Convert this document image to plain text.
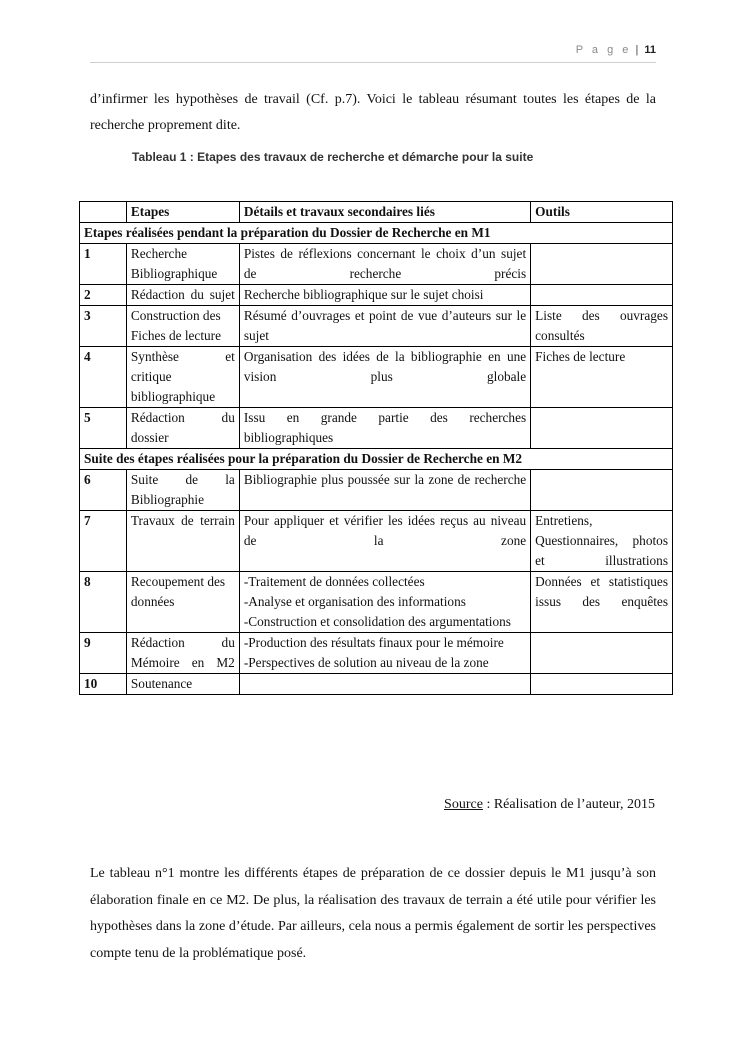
P a g e | 11

d’infirmer les hypothèses de travail (Cf. p.7). Voici le tableau résumant toutes les étapes de la recherche proprement dite.

Tableau 1 : Etapes des travaux de recherche et démarche pour la suite
	Etapes	Détails et travaux secondaires liés	Outils
Etapes réalisées pendant la préparation du Dossier de Recherche en M1			
1	Recherche Bibliographique	Pistes de réflexions concernant le choix d’un sujet de recherche précis	
2	Rédaction du sujet	Recherche bibliographique sur le sujet choisi	
3	Construction des Fiches de lecture	Résumé d’ouvrages et point de vue d’auteurs sur le sujet	Liste des ouvrages consultés
4	Synthèse et critique bibliographique	Organisation des idées de la bibliographie en une vision plus globale	Fiches de lecture
5	Rédaction du dossier	Issu en grande partie des recherches bibliographiques	
Suite des étapes réalisées pour la préparation du Dossier de Recherche en M2			
6	Suite de la Bibliographie	Bibliographie plus poussée sur la zone de recherche	
7	Travaux de terrain	Pour appliquer et vérifier les idées reçus au niveau de la zone	Entretiens, Questionnaires, photos et illustrations
8	Recoupement des données	-Traitement de données collectées
-Analyse et organisation des informations
-Construction et consolidation des argumentations	Données et statistiques issus des enquêtes
9	Rédaction du Mémoire en M2	-Production des résultats finaux pour le mémoire
-Perspectives de solution au niveau de la zone	

10	Soutenance		
Source : Réalisation de l’auteur, 2015

Le tableau n°1 montre les différents étapes de préparation de ce dossier depuis le M1 jusqu’à son élaboration finale en ce M2. De plus, la réalisation des travaux de terrain a été utile pour vérifier les hypothèses dans la zone d’étude. Par ailleurs, cela nous a permis également de sortir les perspectives compte tenu de la problématique posé.
